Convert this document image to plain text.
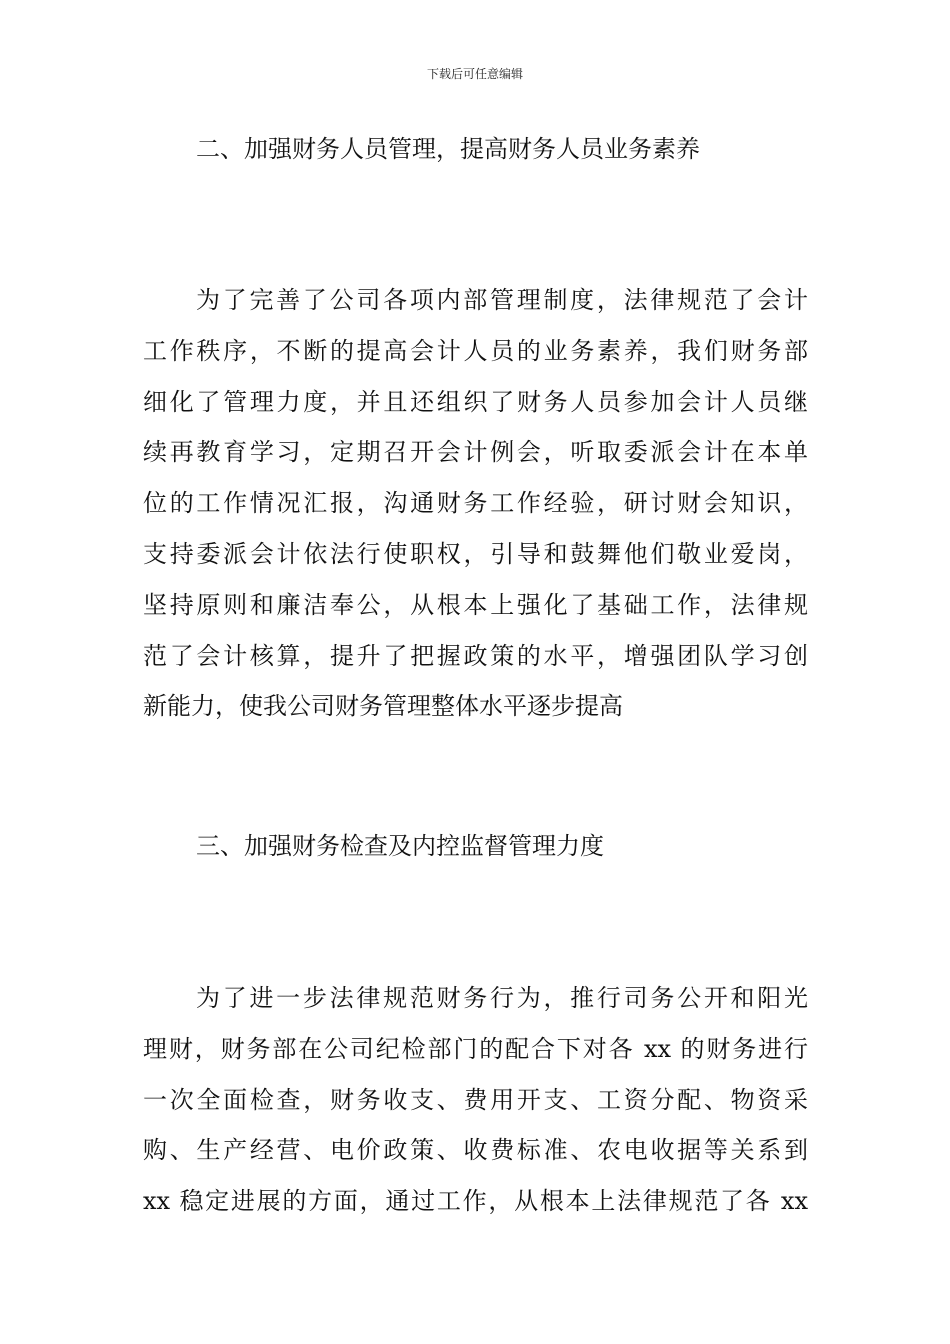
下载后可任意编辑
二、加强财务人员管理，提高财务人员业务素养
为了完善了公司各项内部管理制度，法律规范了会计
工作秩序，不断的提高会计人员的业务素养，我们财务部
细化了管理力度，并且还组织了财务人员参加会计人员继
续再教育学习，定期召开会计例会，听取委派会计在本单
位的工作情况汇报，沟通财务工作经验，研讨财会知识，
支持委派会计依法行使职权，引导和鼓舞他们敬业爱岗，
坚持原则和廉洁奉公，从根本上强化了基础工作，法律规
范了会计核算，提升了把握政策的水平，增强团队学习创
新能力，使我公司财务管理整体水平逐步提高
三、加强财务检查及内控监督管理力度
为了进一步法律规范财务行为，推行司务公开和阳光
理财，财务部在公司纪检部门的配合下对各 xx 的财务进行
一次全面检查，财务收支、费用开支、工资分配、物资采
购、生产经营、电价政策、收费标准、农电收据等关系到
xx 稳定进展的方面，通过工作，从根本上法律规范了各 xx
